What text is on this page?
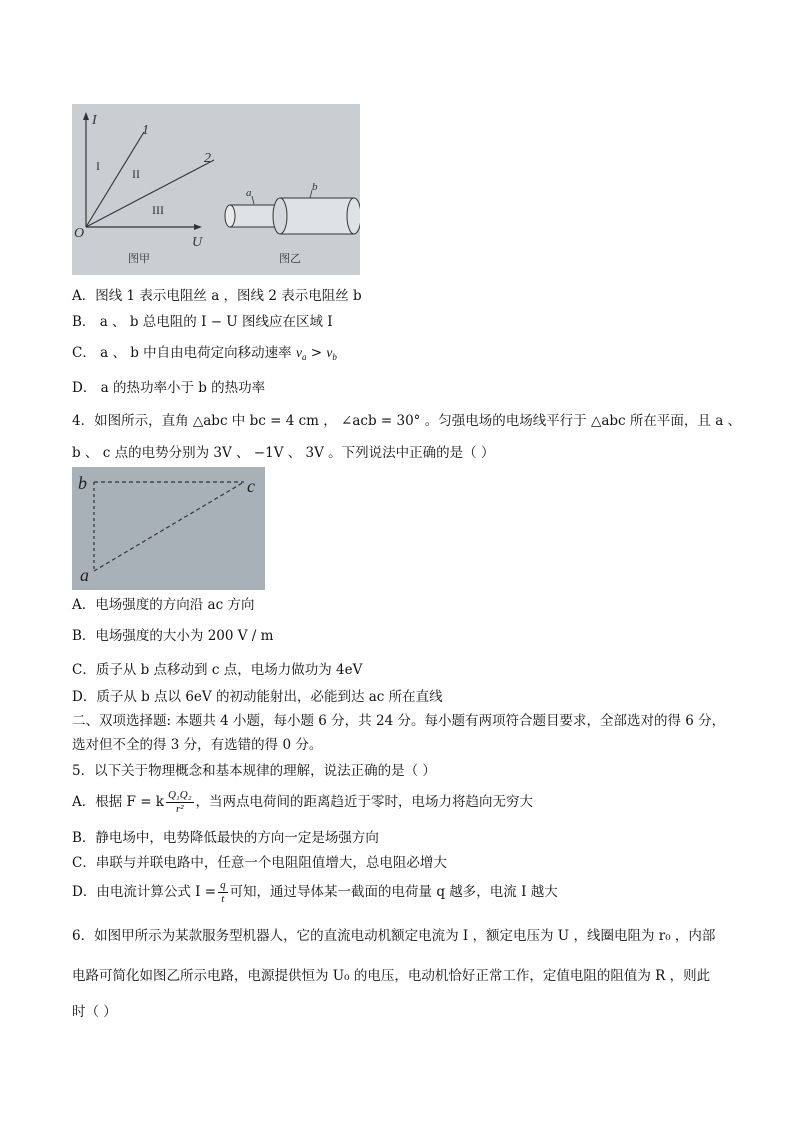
I
U
O
1
2
I
II
III
a	b
图甲	图乙
A．图线 1 表示电阻丝 a ，图线 2 表示电阻丝 b
B． a 、 b 总电阻的 I − U 图线应在区域 I
C． a 、 b 中自由电荷定向移动速率 $v_a > v_b$
D． a 的热功率小于 b 的热功率
4．如图所示，直角 △abc 中 bc = 4 cm ， ∠acb = 30° 。匀强电场的电场线平行于 △abc 所在平面，且 a 、
b 、 c 点的电势分别为 3V 、 −1V 、 3V 。下列说法中正确的是（ ）
b	c
a
A．电场强度的方向沿 ac 方向
B．电场强度的大小为 200 V / m
C．质子从 b 点移动到 c 点，电场力做功为 4eV
D．质子从 b 点以 6eV 的初动能射出，必能到达 ac 所在直线
二、双项选择题: 本题共 4 小题，每小题 6 分，共 24 分。每小题有两项符合题目要求，全部选对的得 6 分，
选对但不全的得 3 分，有选错的得 0 分。
5．以下关于物理概念和基本规律的理解，说法正确的是（ ）
A．根据 F = k $\frac{\text{Q₁Q₂}}{\text{r²}}$ ，当两点电荷间的距离趋近于零时，电场力将趋向无穷大
B．静电场中，电势降低最快的方向一定是场强方向
C．串联与并联电路中，任意一个电阻阻值增大，总电阻必增大
D．由电流计算公式 $I = \frac{q}{t}$ 可知，通过导体某一截面的电荷量 q 越多，电流 I 越大
6．如图甲所示为某款服务型机器人，它的直流电动机额定电流为 I ，额定电压为 U ，线圈电阻为 r₀ ，内部
电路可简化如图乙所示电路，电源提供恒为 U₀ 的电压，电动机恰好正常工作，定值电阻的阻值为 R ，则此
时（ ）
